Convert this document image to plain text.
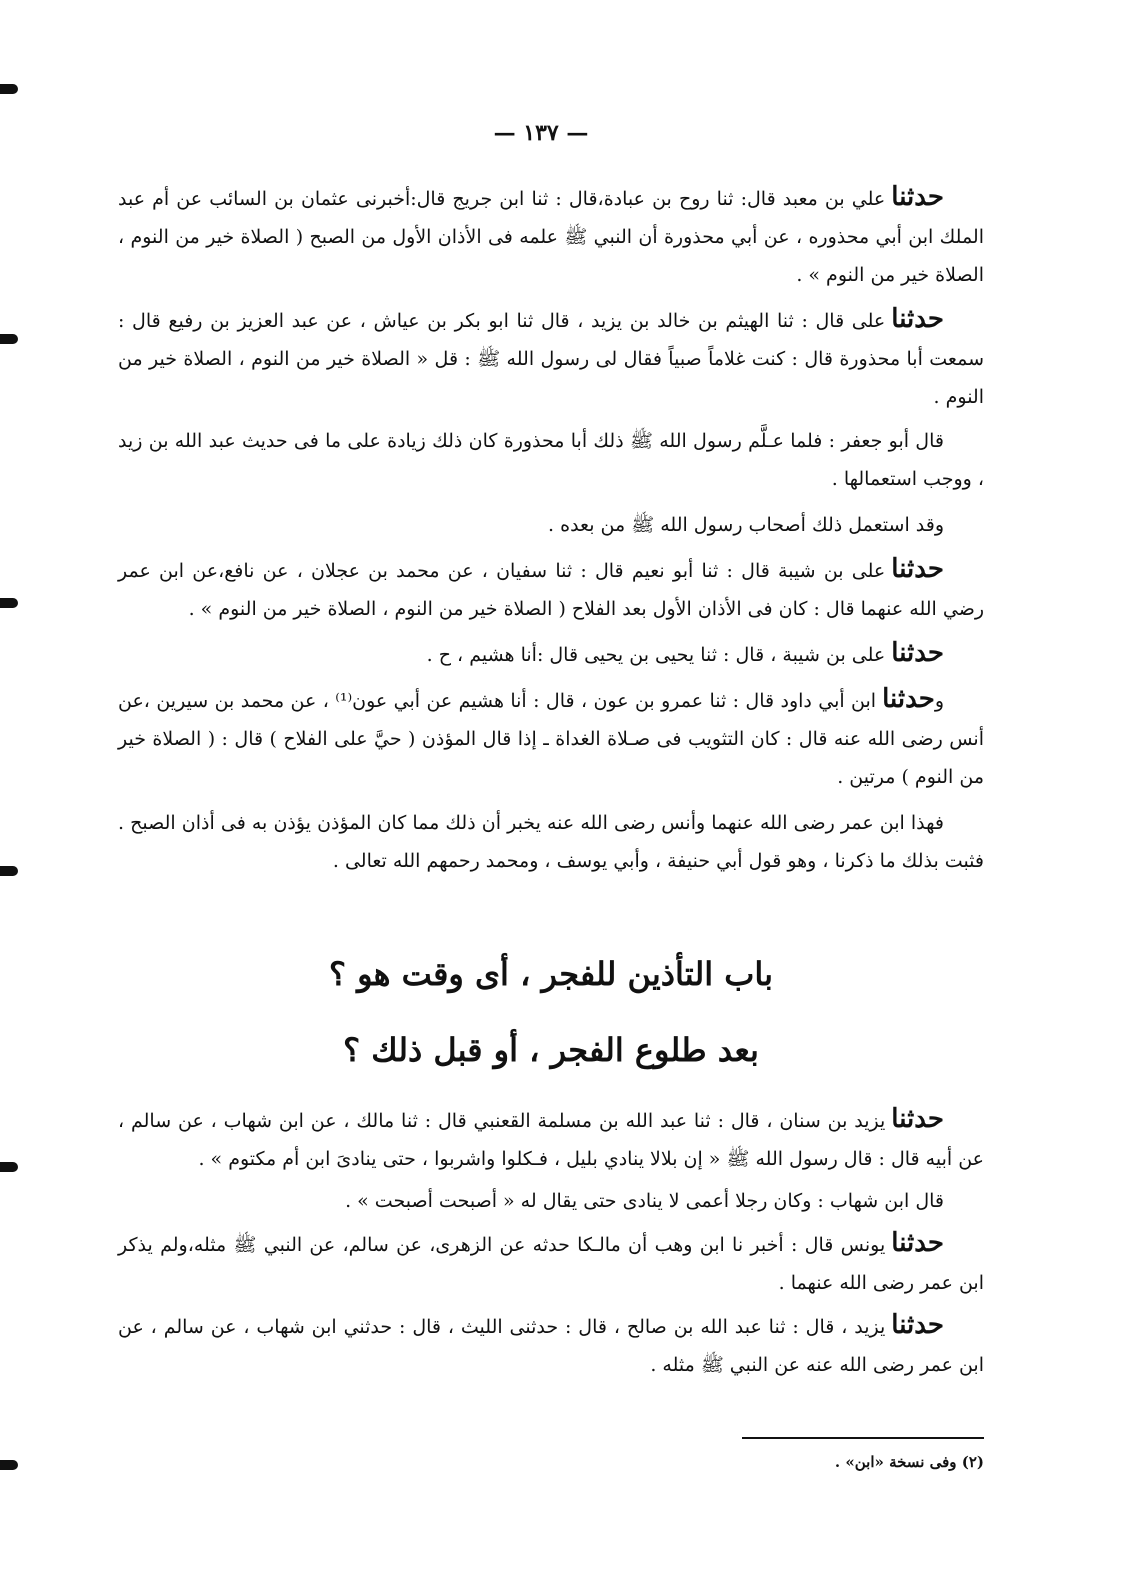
— ١٣٧ —

حدثناعلي بن معبد قال: ثنا روح بن عبادة،قال : ثنا ابن جريج قال:أخبرنى عثمان بن السائب عن أم عبد الملك ابن أبي محذوره ، عن أبي محذورة أن النبي ﷺ علمه فى الأذان الأول من الصبح ( الصلاة خير من النوم ، الصلاة خير من النوم » .

حدثناعلى قال : ثنا الهيثم بن خالد بن يزيد ، قال ثنا ابو بكر بن عياش ، عن عبد العزيز بن رفيع قال : سمعت أبا محذورة قال : كنت غلاماً صبياً فقال لى رسول الله ﷺ : قل « الصلاة خير من النوم ، الصلاة خير من النوم .

قال أبو جعفر : فلما عـلَّم رسول الله ﷺ ذلك أبا محذورة كان ذلك زيادة على ما فى حديث عبد الله بن زيد ، ووجب استعمالها .

وقد استعمل ذلك أصحاب رسول الله ﷺ من بعده .

حدثناعلى بن شيبة قال : ثنا أبو نعيم قال : ثنا سفيان ، عن محمد بن عجلان ، عن نافع،عن ابن عمر رضي الله عنهما قال : كان فى الأذان الأول بعد الفلاح ( الصلاة خير من النوم ، الصلاة خير من النوم » .

حدثناعلى بن شيبة ، قال : ثنا يحيى بن يحيى قال :أنا هشيم ، ح .

وحدثناابن أبي داود قال : ثنا عمرو بن عون ، قال : أنا هشيم عن أبي عون⁽¹⁾ ، عن محمد بن سيرين ،عن أنس رضى الله عنه قال : كان التثويب فى صـلاة الغداة ـ إذا قال المؤذن ( حيَّ على الفلاح ) قال : ( الصلاة خير من النوم ) مرتين .

فهذا ابن عمر رضى الله عنهما وأنس رضى الله عنه يخبر أن ذلك مما كان المؤذن يؤذن به فى أذان الصبح . فثبت بذلك ما ذكرنا ، وهو قول أبي حنيفة ، وأبي يوسف ، ومحمد رحمهم الله تعالى .

باب التأذين للفجر ، أى وقت هو ؟
بعد طلوع الفجر ، أو قبل ذلك ؟

حدثنايزيد بن سنان ، قال : ثنا عبد الله بن مسلمة القعنبي قال : ثنا مالك ، عن ابن شهاب ، عن سالم ، عن أبيه قال : قال رسول الله ﷺ « إن بلالا ينادي بليل ، فـكلوا واشربوا ، حتى ينادىَ ابن أم مكتوم » .

قال ابن شهاب : وكان رجلا أعمى لا ينادى حتى يقال له « أصبحت أصبحت » .

حدثنايونس قال : أخبر نا ابن وهب أن مالـكا حدثه عن الزهرى، عن سالم، عن النبي ﷺ مثله،ولم يذكر ابن عمر رضى الله عنهما .

حدثنايزيد ، قال : ثنا عبد الله بن صالح ، قال : حدثنى الليث ، قال : حدثني ابن شهاب ، عن سالم ، عن ابن عمر رضى الله عنه عن النبي ﷺ مثله .

(٢) وفى نسخة «ابن» .
